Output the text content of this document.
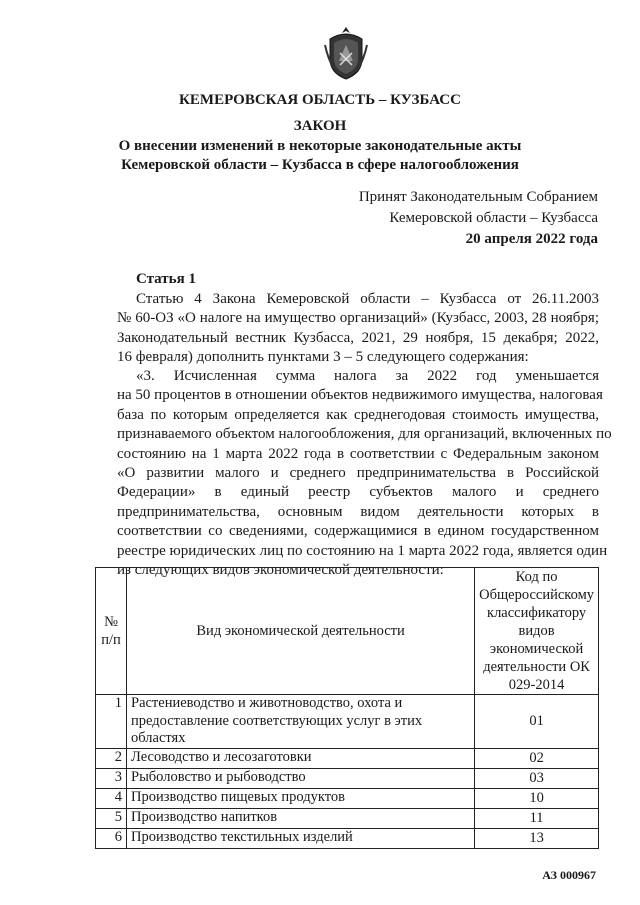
КЕМЕРОВСКАЯ ОБЛАСТЬ – КУЗБАСС
ЗАКОН
О внесении изменений в некоторые законодательные акты
Кемеровской области – Кузбасса в сфере налогообложения
Принят Законодательным Собранием
Кемеровской области – Кузбасса
20 апреля 2022 года
Статья 1
Статью 4 Закона Кемеровской области – Кузбасса от 26.11.2003
№ 60-ОЗ «О налоге на имущество организаций» (Кузбасс, 2003, 28 ноября;
Законодательный вестник Кузбасса, 2021, 29 ноября, 15 декабря; 2022,
16 февраля) дополнить пунктами 3 – 5 следующего содержания:
«3. Исчисленная сумма налога за 2022 год уменьшается
на 50 процентов в отношении объектов недвижимого имущества, налоговая
база по которым определяется как среднегодовая стоимость имущества,
признаваемого объектом налогообложения, для организаций, включенных по
состоянию на 1 марта 2022 года в соответствии с Федеральным законом
«О развитии малого и среднего предпринимательства в Российской
Федерации» в единый реестр субъектов малого и среднего
предпринимательства, основным видом деятельности которых в
соответствии со сведениями, содержащимися в едином государственном
реестре юридических лиц по состоянию на 1 марта 2022 года, является один
из следующих видов экономической деятельности:
№ п/п	Вид экономической деятельности	Код по Общероссийскому классификатору видов экономической деятельности ОК 029-2014
1	Растениеводство и животноводство, охота и предоставление соответствующих услуг в этих областях	01
2	Лесоводство и лесозаготовки	02
3	Рыболовство и рыбоводство	03
4	Производство пищевых продуктов	10
5	Производство напитков	11
6	Производство текстильных изделий	13
АЗ 000967
